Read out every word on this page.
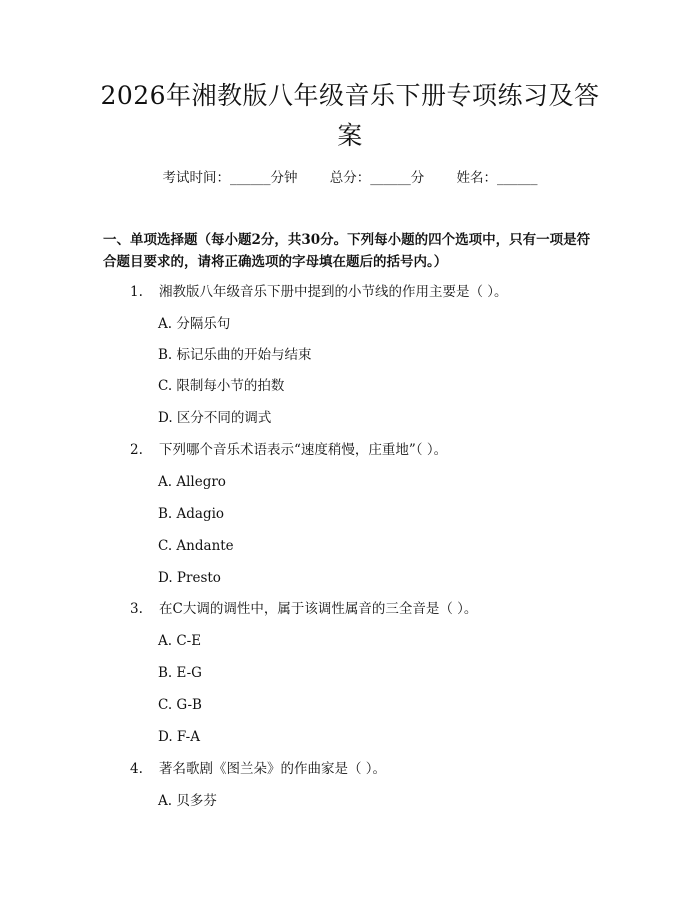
2026年湘教版八年级音乐下册专项练习及答案
考试时间：______分钟 总分：______分 姓名：______
一、单项选择题（每小题2分，共30分。下列每小题的四个选项中，只有一项是符合题目要求的，请将正确选项的字母填在题后的括号内。）
1. 湘教版八年级音乐下册中提到的小节线的作用主要是（ ）。
A. 分隔乐句
B. 标记乐曲的开始与结束
C. 限制每小节的拍数
D. 区分不同的调式
2. 下列哪个音乐术语表示“速度稍慢，庄重地”（ ）。
A. Allegro
B. Adagio
C. Andante
D. Presto
3. 在C大调的调性中，属于该调性属音的三全音是（ ）。
A. C-E
B. E-G
C. G-B
D. F-A
4. 著名歌剧《图兰朵》的作曲家是（ ）。
A. 贝多芬
